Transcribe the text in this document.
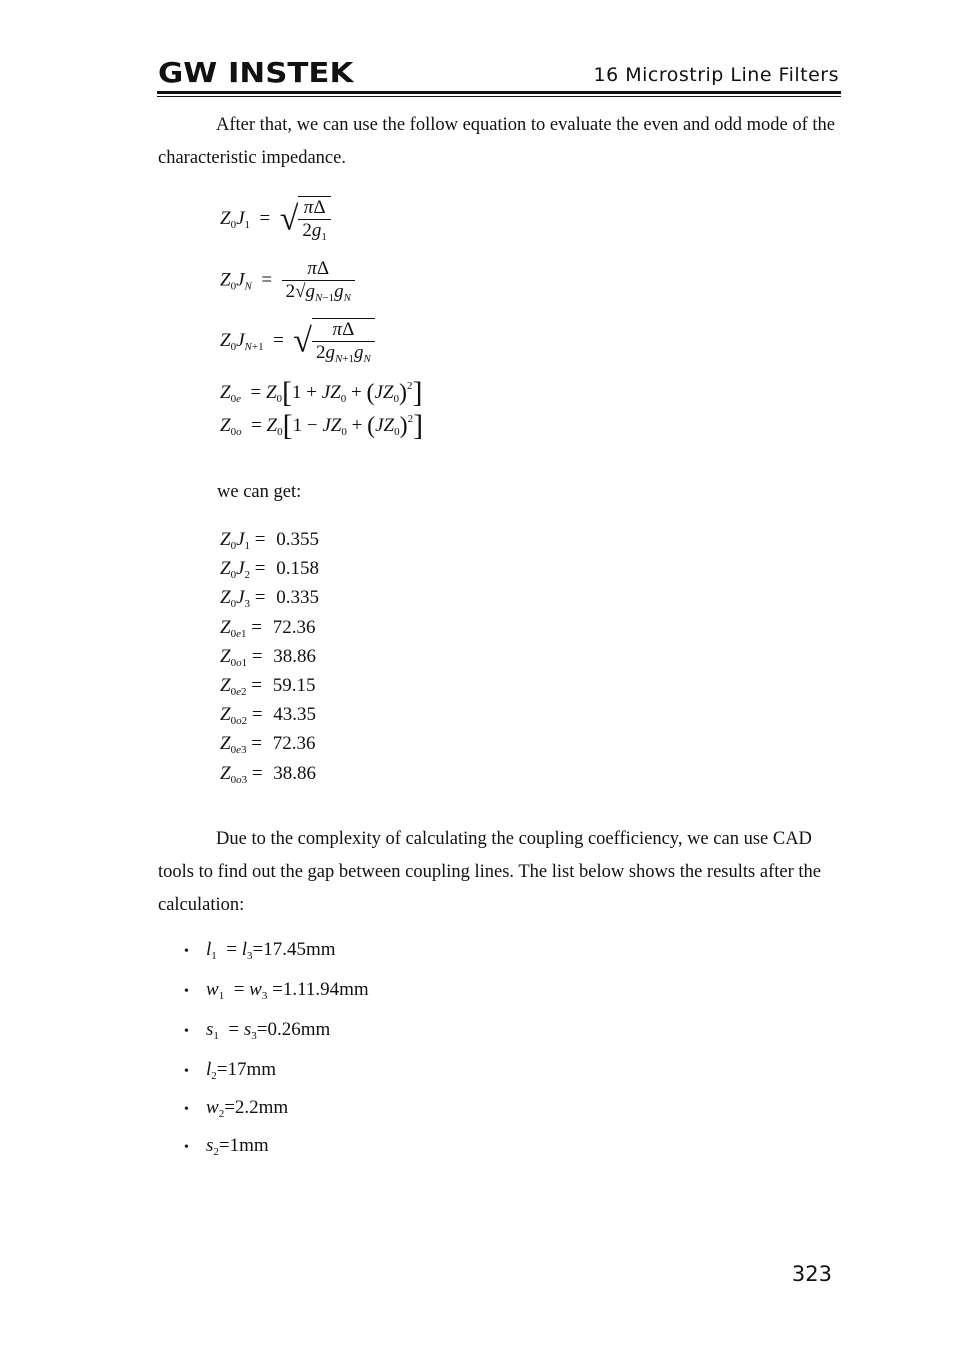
GW INSTEK	16 Microstrip Line Filters

After that, we can use the follow equation to evaluate the even and odd mode of the characteristic impedance.

$Z_0J_1$  =  √ $\frac{\pi\Delta}{2g_1}$
$Z_0J_N = \frac{\pi\Delta}{2√g_{N-1}g_N}$
$Z_0J_{N+1}$  =  √ $\frac{\pi\Delta}{2g_{N+1}g_N}$
$Z_{0e} = Z_0[1 + JZ_0 + (JZ_0)^2]$
$Z_{0o} = Z_0[1 - JZ_0 + (JZ_0)^2]$

we can get:

$Z_0J_1 = 0.355$
$Z_0J_2 = 0.158$
$Z_0J_3 = 0.335$
$Z_{0e1} = 72.36$
$Z_{0o1} = 38.86$
$Z_{0e2} = 59.15$
$Z_{0o2} = 43.35$
$Z_{0e3} = 72.36$
$Z_{0o3} = 38.86$

Due to the complexity of calculating the coupling coefficiency, we can use CAD tools to find out the gap between coupling lines. The list below shows the results after the calculation:

• $l_1 = l_3=17.45mm$
• $w_1 = w_3 =1.11.94mm$
• $s_1 = s_3=0.26mm$
• $l_2=17mm$
• $w_2=2.2mm$
• $s_2=1mm$
323
